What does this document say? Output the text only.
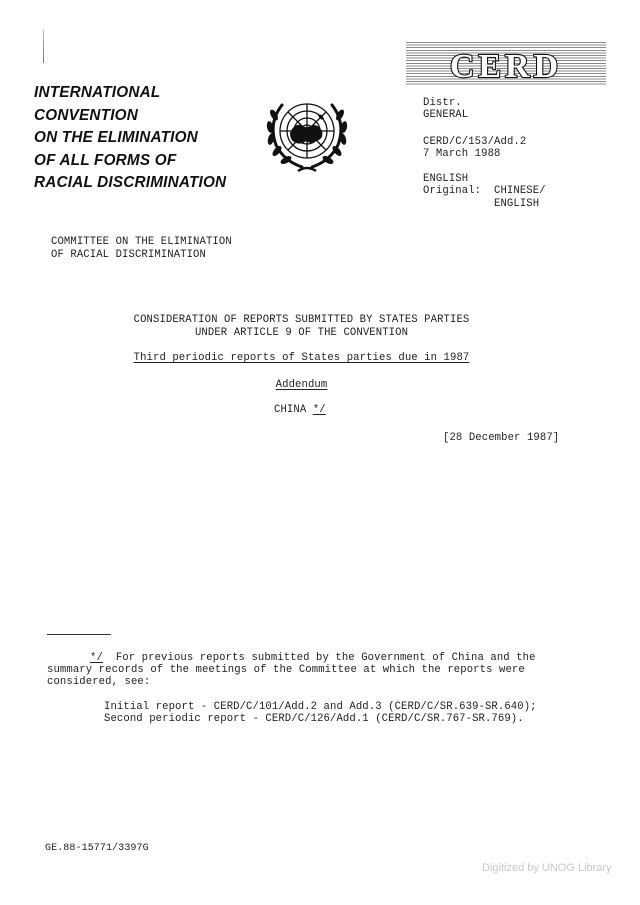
INTERNATIONAL
CONVENTION
ON THE ELIMINATION
OF ALL FORMS OF
RACIAL DISCRIMINATION
CERD
Distr.
GENERAL
CERD/C/153/Add.2
7 March 1988
ENGLISH
Original: CHINESE/
ENGLISH
COMMITTEE ON THE ELIMINATION
OF RACIAL DISCRIMINATION
CONSIDERATION OF REPORTS SUBMITTED BY STATES PARTIES
UNDER ARTICLE 9 OF THE CONVENTION
Third periodic reports of States parties due in 1987
Addendum
CHINA */
[28 December 1987]
*/ For previous reports submitted by the Government of China and the
summary records of the meetings of the Committee at which the reports were
considered, see:
Initial report - CERD/C/101/Add.2 and Add.3 (CERD/C/SR.639-SR.640);
Second periodic report - CERD/C/126/Add.1 (CERD/C/SR.767-SR.769).
GE.88-15771/3397G
Digitized by UNOG Library
